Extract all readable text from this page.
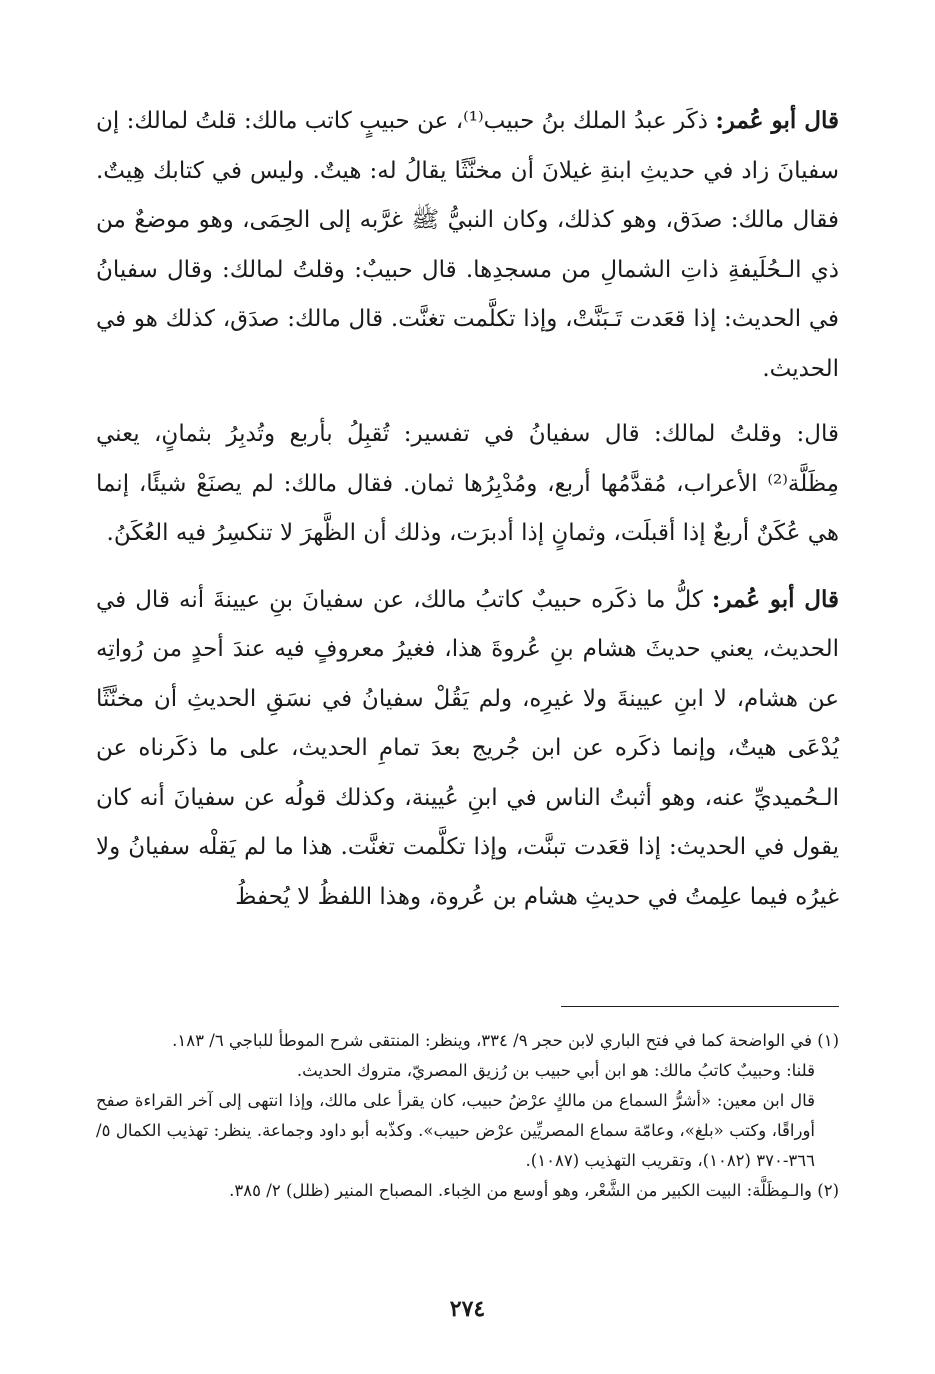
قال أبو عُمر: ذكَر عبدُ الملك بنُ حبيب⁽¹⁾، عن حبيبٍ كاتب مالك: قلتُ لمالك: إن سفيانَ زاد في حديثِ ابنةِ غيلانَ أن مخنَّثًا يقالُ له: هيتٌ. وليس في كتابك هِيتٌ. فقال مالك: صدَق، وهو كذلك، وكان النبيُّ ﷺ غرَّبه إلى الحِمَى، وهو موضعٌ من ذي الـحُلَيفةِ ذاتِ الشمالِ من مسجدِها. قال حبيبٌ: وقلتُ لمالك: وقال سفيانُ في الحديث: إذا قعَدت تَـبَنَّتْ، وإذا تكلَّمت تغنَّت. قال مالك: صدَق، كذلك هو في الحديث.

قال: وقلتُ لمالك: قال سفيانُ في تفسير: تُقبِلُ بأربع وتُدبِرُ بثمانٍ، يعني مِظَلَّة⁽²⁾ الأعراب، مُقدَّمُها أربع، ومُدْبِرُها ثمان. فقال مالك: لم يصنَعْ شيئًا، إنما هي عُكَنٌ أربعٌ إذا أقبلَت، وثمانٍ إذا أدبرَت، وذلك أن الظَّهرَ لا تنكسِرُ فيه العُكَنُ.

قال أبو عُمر: كلُّ ما ذكَره حبيبٌ كاتبُ مالك، عن سفيانَ بنِ عيينةَ أنه قال في الحديث، يعني حديثَ هشام بنِ عُروةَ هذا، فغيرُ معروفٍ فيه عندَ أحدٍ من رُواتِه عن هشام، لا ابنِ عيينةَ ولا غيرِه، ولم يَقُلْ سفيانُ في نسَقِ الحديثِ أن مخنَّثًا يُدْعَى هيتٌ، وإنما ذكَره عن ابن جُريج بعدَ تمامِ الحديث، على ما ذكَرناه عن الـحُميديِّ عنه، وهو أثبتُ الناس في ابنِ عُيينة، وكذلك قولُه عن سفيانَ أنه كان يقول في الحديث: إذا قعَدت تبنَّت، وإذا تكلَّمت تغنَّت. هذا ما لم يَقلْه سفيانُ ولا غيرُه فيما علِمتُ في حديثِ هشام بن عُروة، وهذا اللفظُ لا يُحفظُ

(١) في الواضحة كما في فتح الباري لابن حجر ٩/ ٣٣٤، وينظر: المنتقى شرح الموطأ للباجي ٦/ ١٨٣.

قلنا: وحبيبٌ كاتبُ مالك: هو ابن أبي حبيب بن رُزيق المصريّ، متروك الحديث.

قال ابن معين: «أشرُّ السماع من مالكٍ عرْضُ حبيب، كان يقرأ على مالك، وإذا انتهى إلى آخر القراءة صفح أوراقًا، وكتب «بلغ»، وعامّة سماع المصريِّين عرْض حبيب». وكذّبه أبو داود وجماعة. ينظر: تهذيب الكمال ٥/ ٣٦٦-٣٧٠ (١٠٨٢)، وتقريب التهذيب (١٠٨٧).

(٢) والـمِظَلَّة: البيت الكبير من الشَّعْر، وهو أوسع من الخِباء. المصباح المنير (ظلل) ٢/ ٣٨٥.

٢٧٤
